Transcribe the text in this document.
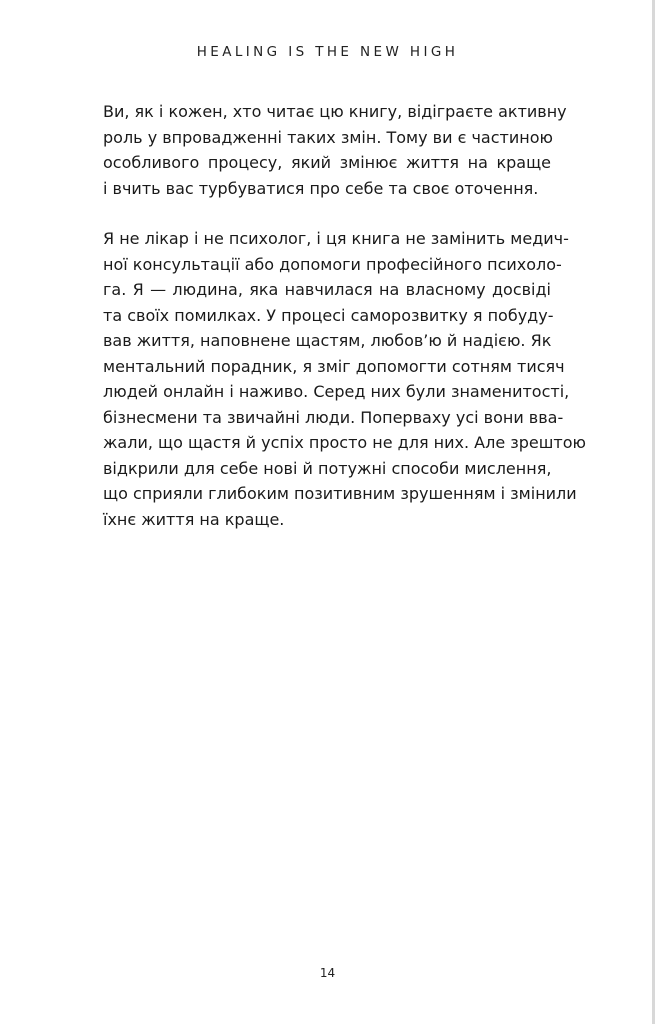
HEALING IS THE NEW HIGH
Ви, як і кожен, хто читає цю книгу, відіграєте активну
роль у впровадженні таких змін. Тому ви є частиною
особливого процесу, який змінює життя на краще
і вчить вас турбуватися про себе та своє оточення.
Я не лікар і не психолог, і ця книга не замінить медич-
ної консультації або допомоги професійного психоло-
га. Я — людина, яка навчилася на власному досвіді
та своїх помилках. У процесі саморозвитку я побуду-
вав життя, наповнене щастям, любов’ю й надією. Як
ментальний порадник, я зміг допомогти сотням тисяч
людей онлайн і наживо. Серед них були знаменитості,
бізнесмени та звичайні люди. Поперваху усі вони вва-
жали, що щастя й успіх просто не для них. Але зрештою
відкрили для себе нові й потужні способи мислення,
що сприяли глибоким позитивним зрушенням і змінили
їхнє життя на краще.
14
